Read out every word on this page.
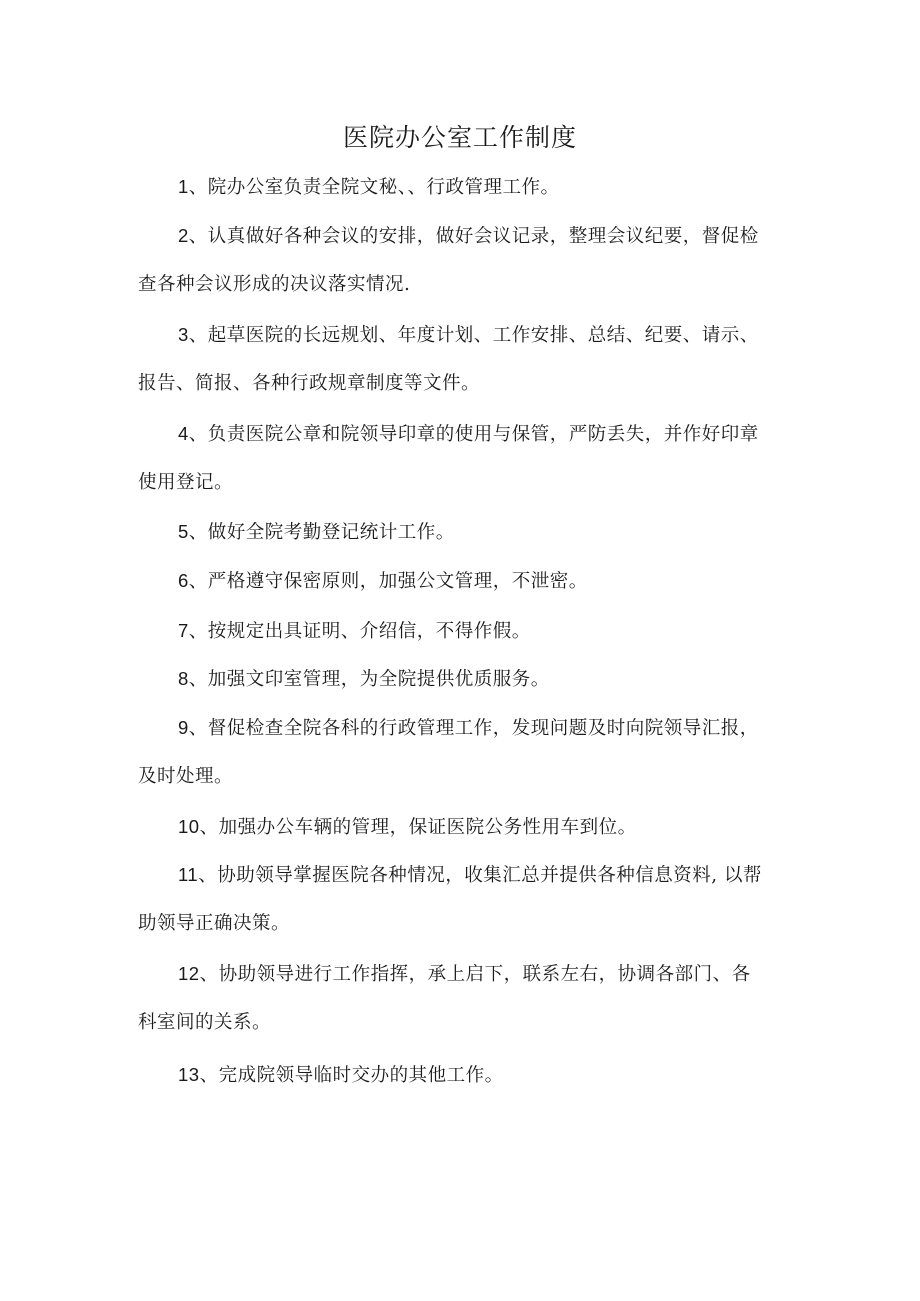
医院办公室工作制度
1、院办公室负责全院文秘、、行政管理工作。
2、认真做好各种会议的安排，做好会议记录，整理会议纪要，督促检
查各种会议形成的决议落实情况.
3、起草医院的长远规划、年度计划、工作安排、总结、纪要、请示、
报告、简报、各种行政规章制度等文件。
4、负责医院公章和院领导印章的使用与保管，严防丢失，并作好印章
使用登记。
5、做好全院考勤登记统计工作。
6、严格遵守保密原则，加强公文管理，不泄密。
7、按规定出具证明、介绍信，不得作假。
8、加强文印室管理，为全院提供优质服务。
9、督促检查全院各科的行政管理工作，发现问题及时向院领导汇报，
及时处理。
10、加强办公车辆的管理，保证医院公务性用车到位。
11、协助领导掌握医院各种情况，收集汇总并提供各种信息资料, 以帮
助领导正确决策。
12、协助领导进行工作指挥，承上启下，联系左右，协调各部门、各
科室间的关系。
13、完成院领导临时交办的其他工作。
